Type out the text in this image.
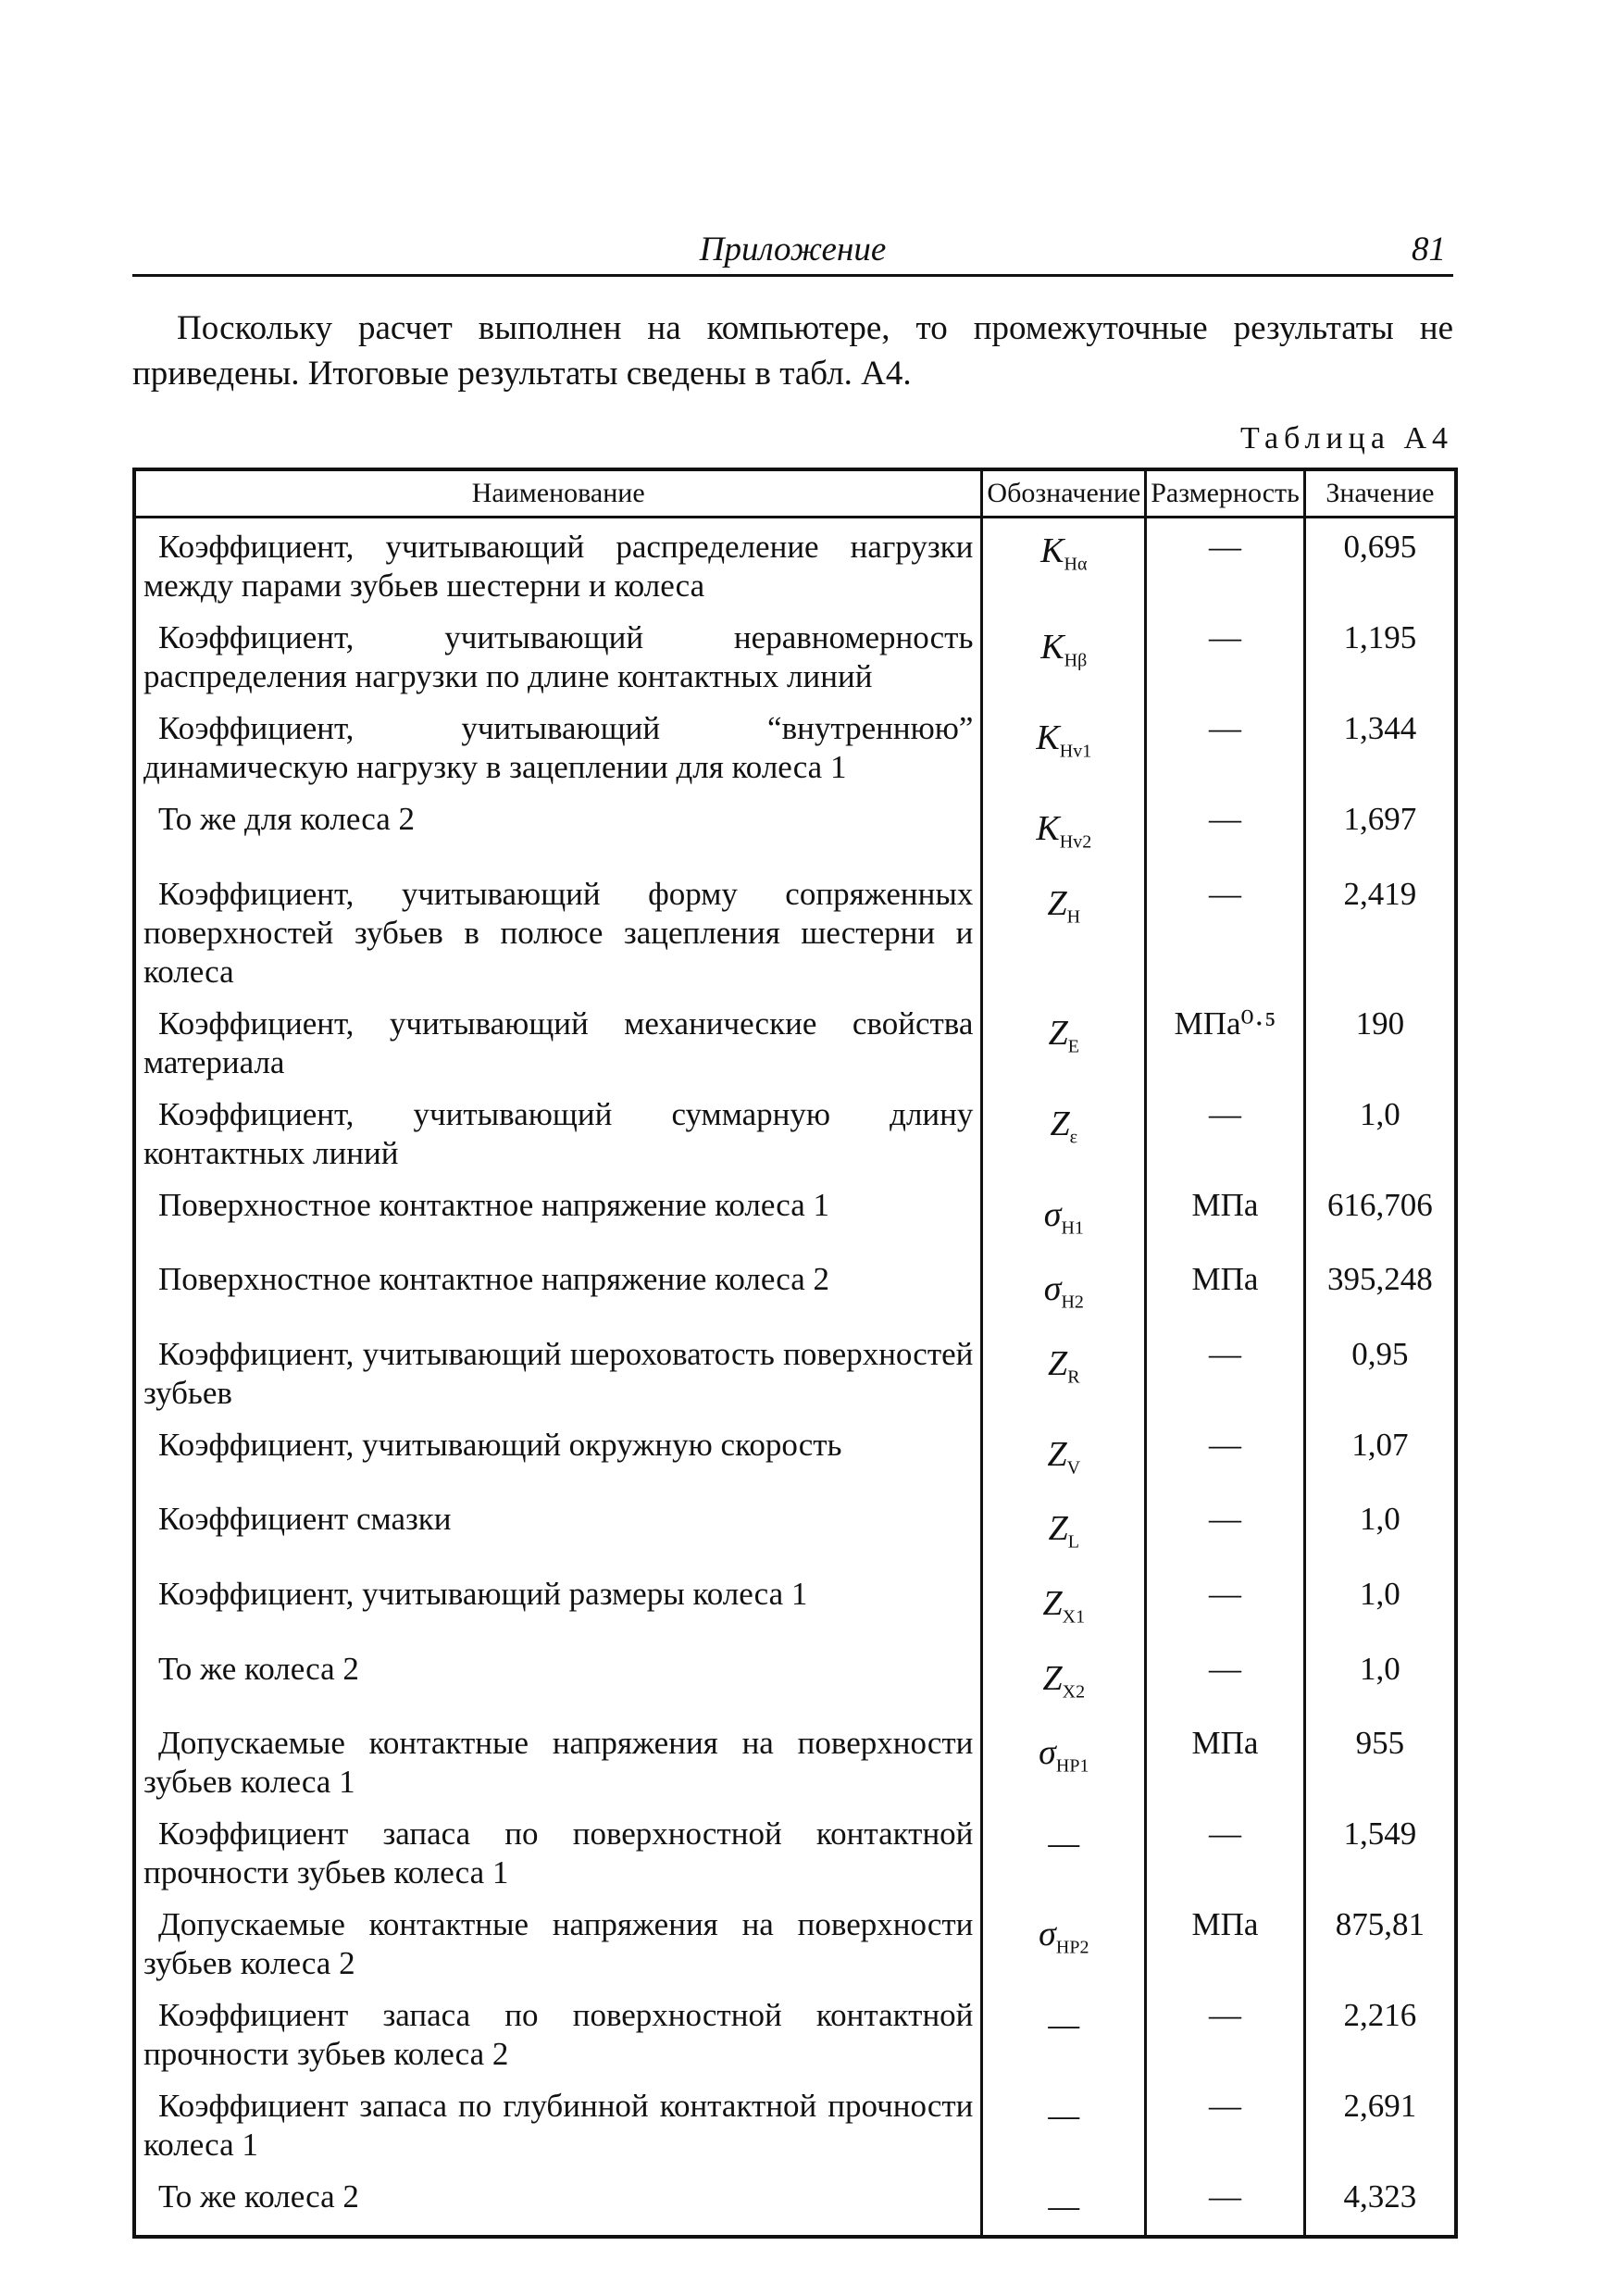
Приложение	81

Поскольку расчет выполнен на компьютере, то промежуточные результаты не приведены. Итоговые результаты сведены в табл. А4.

Таблица А4
Наименование	Обозначение	Размерность	Значение
Коэффициент, учитывающий распределение нагрузки между парами зубьев шестерни и колеса	$K_{H\alpha}$	—	0,695
Коэффициент, учитывающий неравномерность распределения нагрузки по длине контактных линий	$K_{H\beta}$	—	1,195
Коэффициент, учитывающий “внутреннюю” динамическую нагрузку в зацеплении для колеса 1	$K_{Hv1}$	—	1,344
То же для колеса 2	$K_{Hv2}$	—	1,697
Коэффициент, учитывающий форму сопряженных поверхностей зубьев в полюсе зацепления шестерни и колеса	$Z_H$	—	2,419
Коэффициент, учитывающий механические свойства материала	$Z_E$	МПа⁰·⁵	190
Коэффициент, учитывающий суммарную длину контактных линий	$Z_\varepsilon$	—	1,0
Поверхностное контактное напряжение колеса 1	$\sigma_{H1}$	МПа	616,706
Поверхностное контактное напряжение колеса 2	$\sigma_{H2}$	МПа	395,248
Коэффициент, учитывающий шероховатость поверхностей зубьев	$Z_R$	—	0,95
Коэффициент, учитывающий окружную скорость	$Z_V$	—	1,07
Коэффициент смазки	$Z_L$	—	1,0
Коэффициент, учитывающий размеры колеса 1	$Z_{X1}$	—	1,0
То же колеса 2	$Z_{X2}$	—	1,0
Допускаемые контактные напряжения на поверхности зубьев колеса 1	$\sigma_{HP1}$	МПа	955
Коэффициент запаса по поверхностной контактной прочности зубьев колеса 1	—	—	1,549
Допускаемые контактные напряжения на поверхности зубьев колеса 2	$\sigma_{HP2}$	МПа	875,81
Коэффициент запаса по поверхностной контактной прочности зубьев колеса 2	—	—	2,216
Коэффициент запаса по глубинной контактной прочности колеса 1	—	—	2,691
То же колеса 2	—	—	4,323
